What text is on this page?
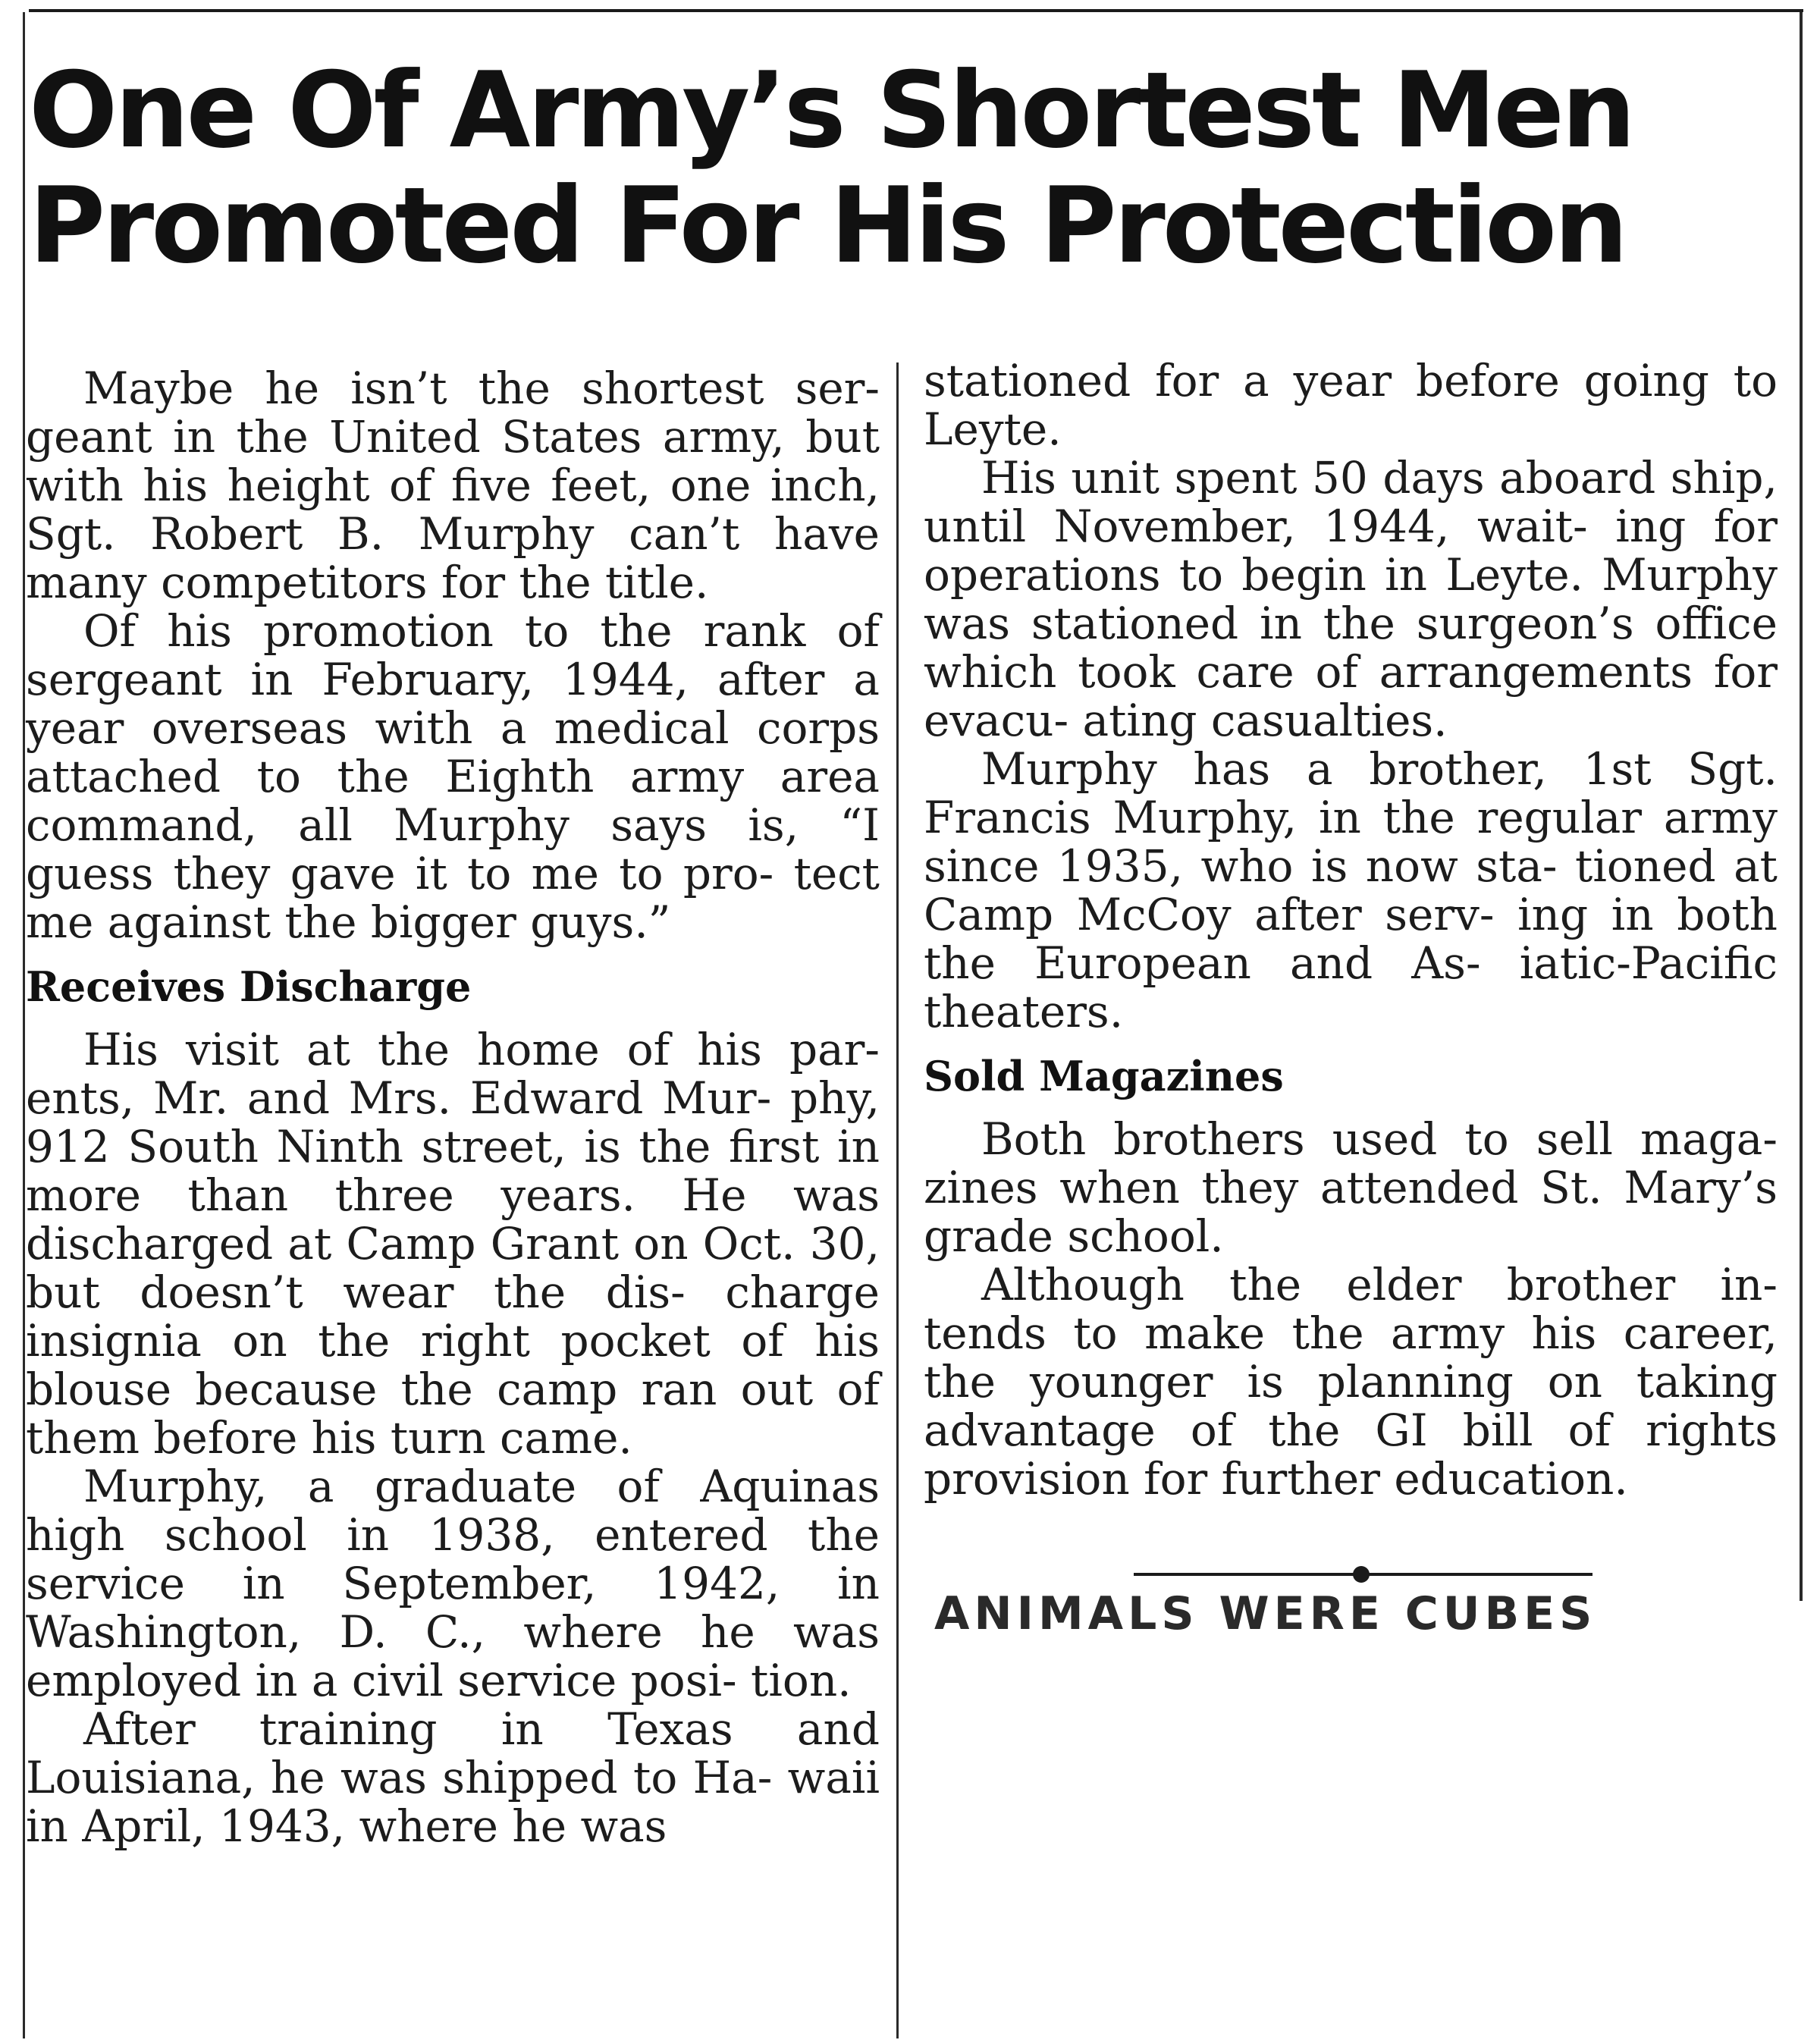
One Of Army’s Shortest Men
Promoted For His Protection

Maybe he isn’t the shortest ser- geant in the United States army, but with his height of five feet, one inch, Sgt. Robert B. Murphy can’t have many competitors for the title.

Of his promotion to the rank of sergeant in February, 1944, after a year overseas with a medical corps attached to the Eighth army area command, all Murphy says is, “I guess they gave it to me to pro- tect me against the bigger guys.”

Receives Discharge

His visit at the home of his par- ents, Mr. and Mrs. Edward Mur- phy, 912 South Ninth street, is the first in more than three years. He was discharged at Camp Grant on Oct. 30, but doesn’t wear the dis- charge insignia on the right pocket of his blouse because the camp ran out of them before his turn came.

Murphy, a graduate of Aquinas high school in 1938, entered the service in September, 1942, in Washington, D. C., where he was employed in a civil service posi- tion.

After training in Texas and Louisiana, he was shipped to Ha- waii in April, 1943, where he was

stationed for a year before going to Leyte.

His unit spent 50 days aboard ship, until November, 1944, wait- ing for operations to begin in Leyte. Murphy was stationed in the surgeon’s office which took care of arrangements for evacu- ating casualties.

Murphy has a brother, 1st Sgt. Francis Murphy, in the regular army since 1935, who is now sta- tioned at Camp McCoy after serv- ing in both the European and As- iatic-Pacific theaters.

Sold Magazines

Both brothers used to sell maga- zines when they attended St. Mary’s grade school.

Although the elder brother in- tends to make the army his career, the younger is planning on taking advantage of the GI bill of rights provision for further education.

ANIMALS WERE CUBES
